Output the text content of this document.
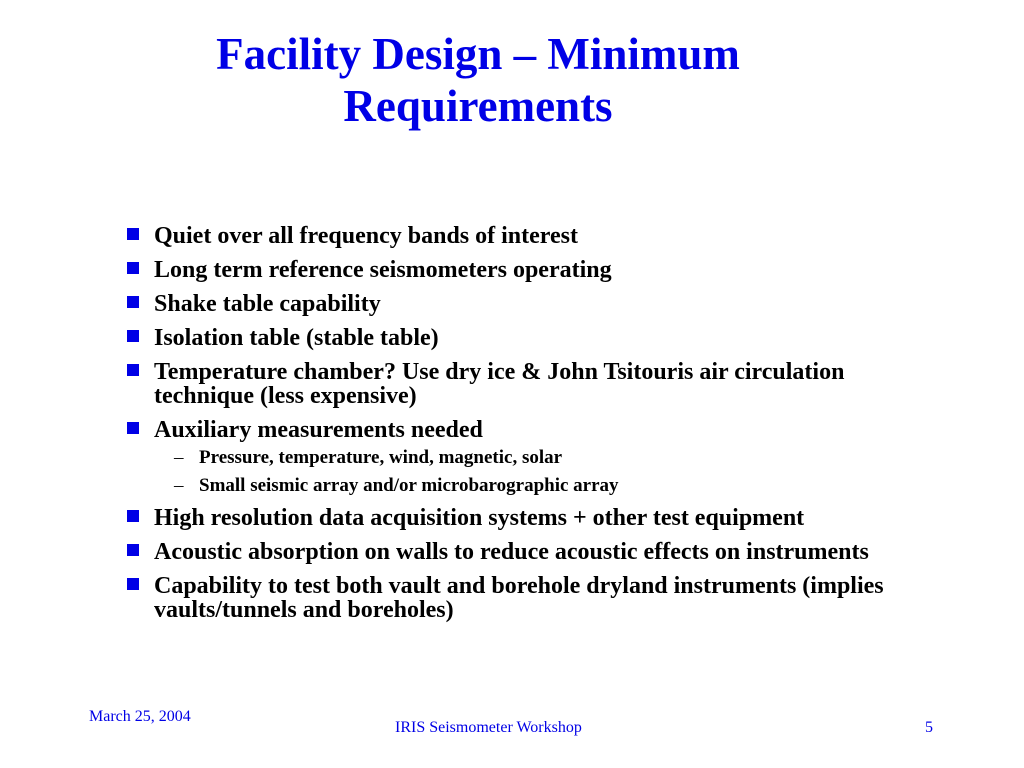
Facility Design – Minimum
Requirements
Quiet over all frequency bands of interest
Long term reference seismometers operating
Shake table capability
Isolation table (stable table)
Temperature chamber? Use dry ice & John Tsitouris air circulation technique (less expensive)
Auxiliary measurements needed
– Pressure, temperature, wind, magnetic, solar
– Small seismic array and/or microbarographic array
High resolution data acquisition systems + other test equipment
Acoustic absorption on walls to reduce acoustic effects on instruments
Capability to test both vault and borehole dryland instruments (implies vaults/tunnels and boreholes)
March 25, 2004
IRIS Seismometer Workshop	5
